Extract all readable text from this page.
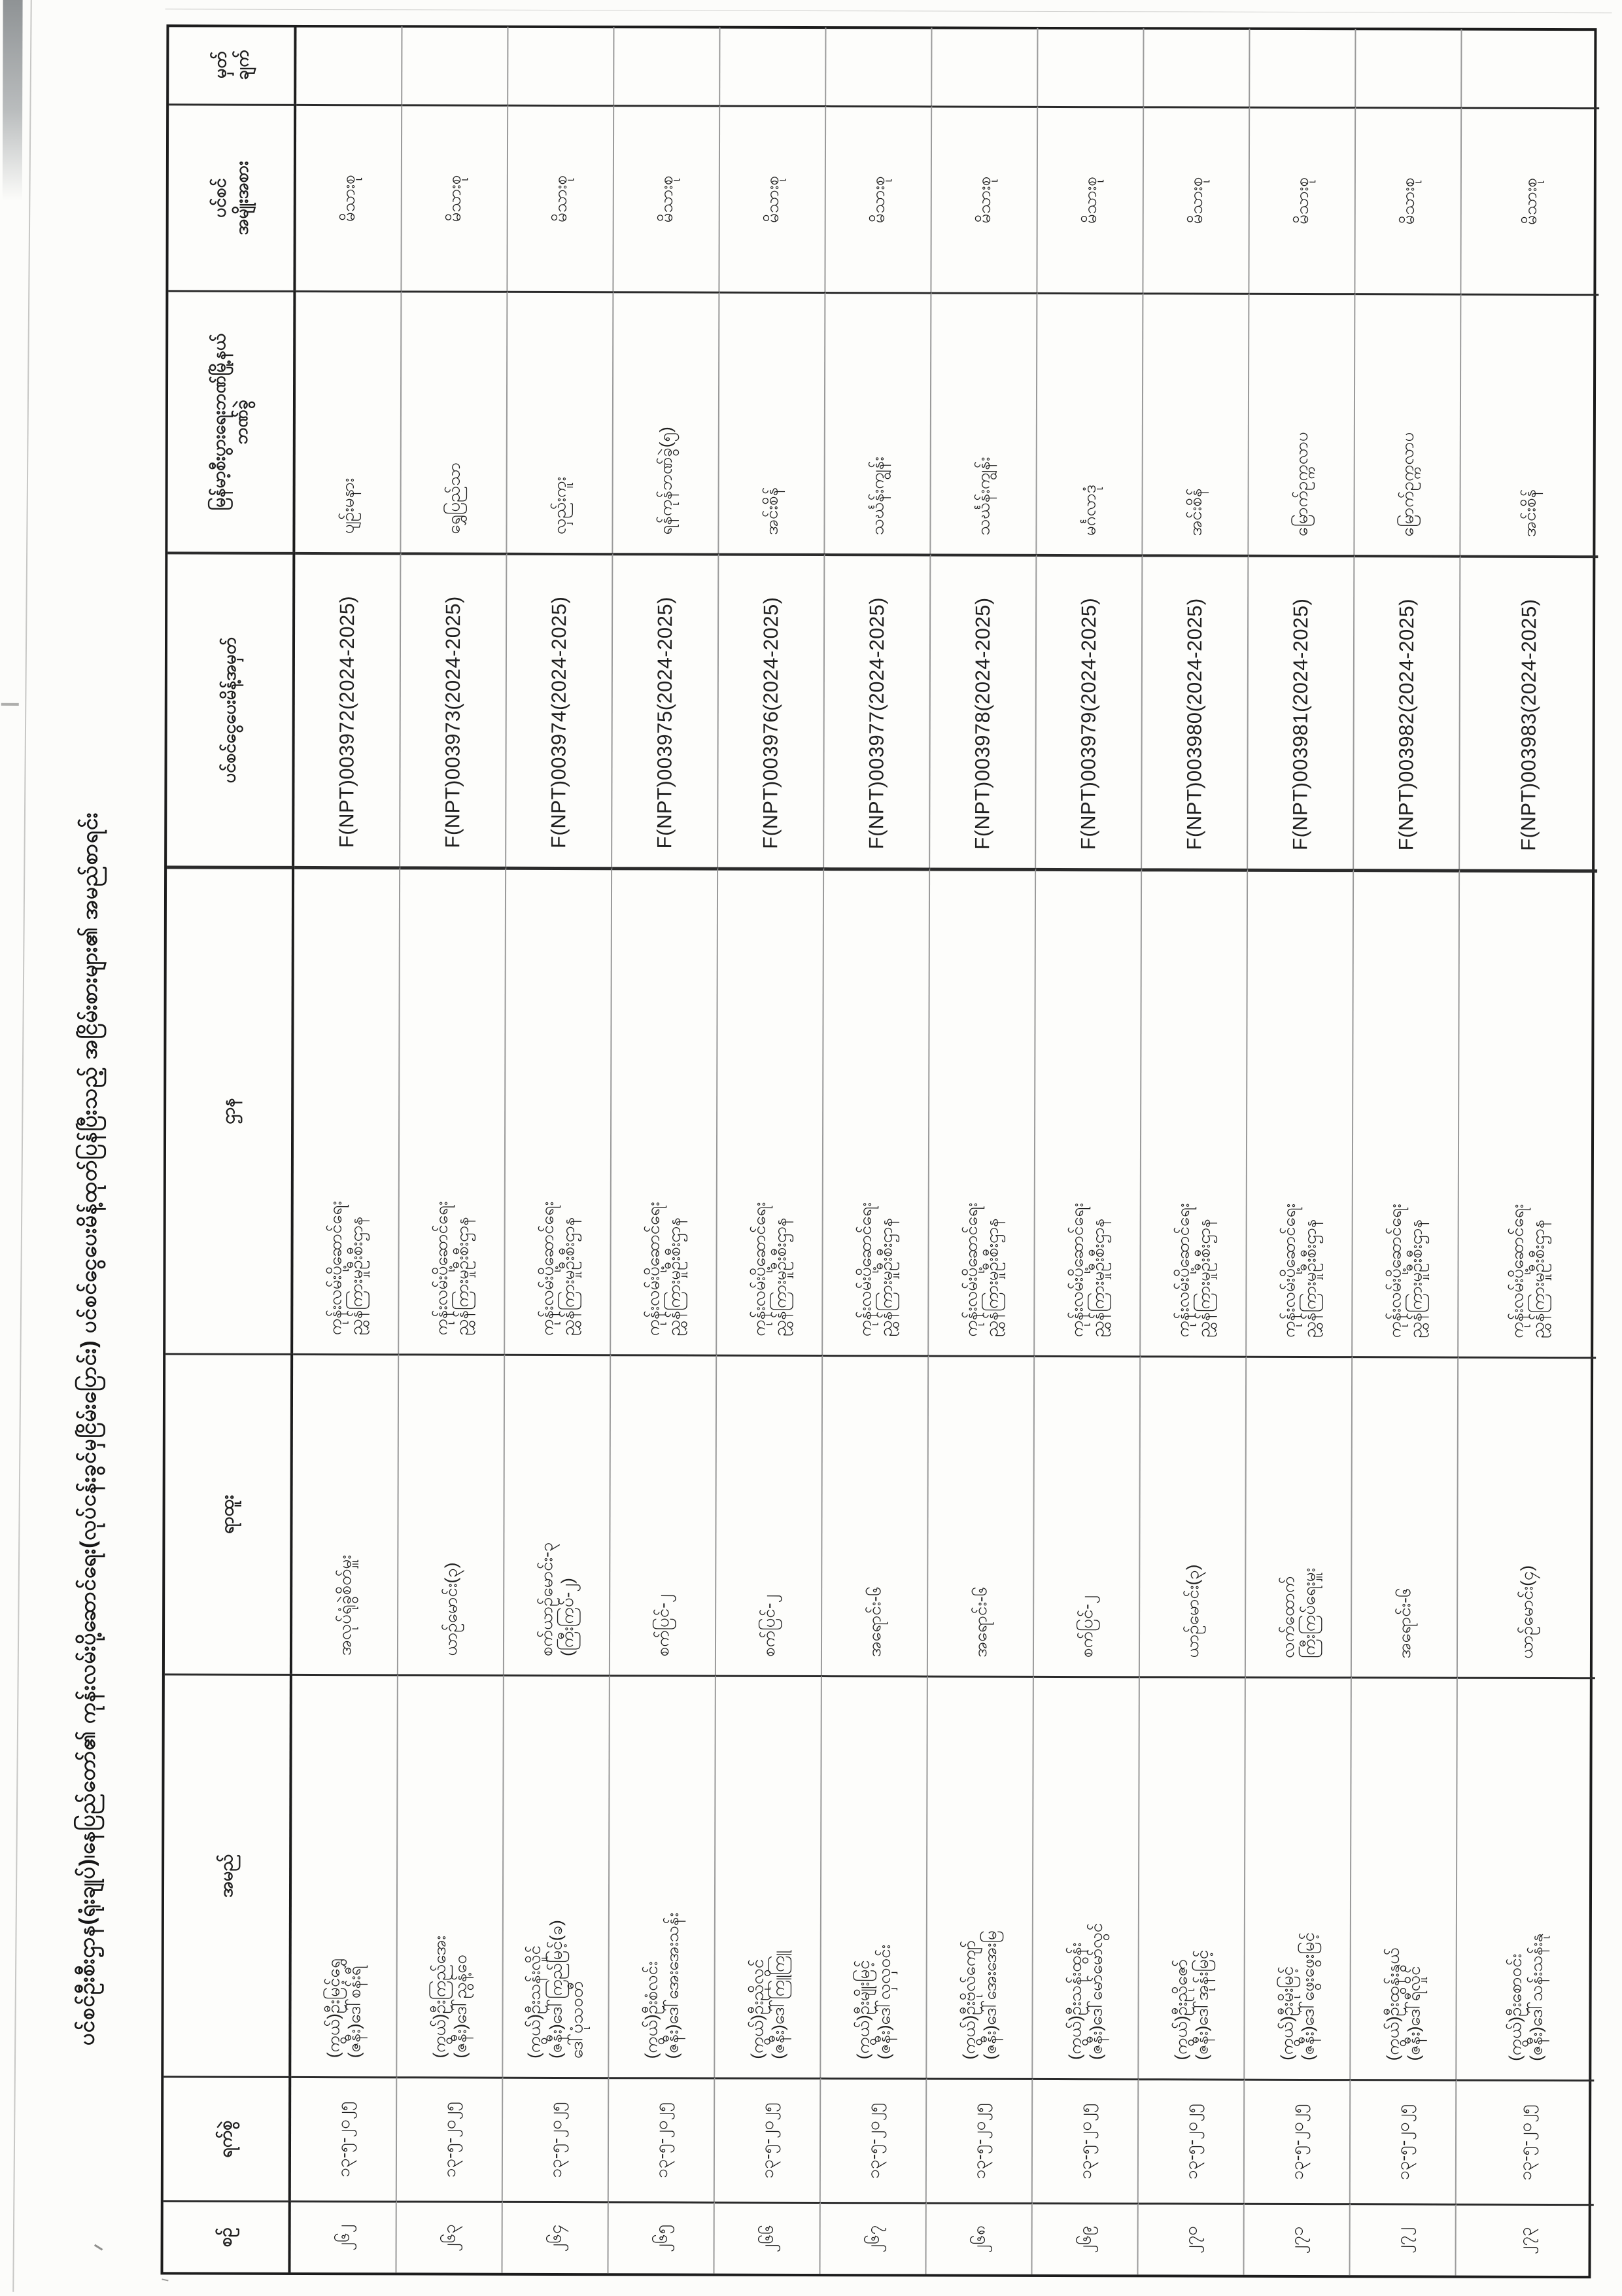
ပင်စင်ဦးစီးဌာန(ရုံးချုပ်)၊နေပြည်တော်၏ ကုန်းလမ်းပို့ဆောင်ရေး(လုပ်ငန်းခွင်မှငြိမ်းပြောင်း) ပင်စင်ငွေပေးမိန့်ထုတ်ပြန်ပြီးသည့် အငြိမ်းစားများ၏ အမည်စာရင်း
စဉ်
ရက်စွဲ
အမည်
ရာထူး
ဌာန
ပင်စင်ငွေပေးမိန့်အမှတ်
မြန်မာ့စီးပွားရေးဘဏ်မြို့နယ် ဘဏ်ခွဲ
ပင်စင် အမျိုးအစား
မှတ် ချက်
၂၆၂
၁၃-၅-၂၀၂၅
(ကွယ်)ဦးမြင့်ရွှေ (ဇနီး)ဒေါ်စန်းရီ
အလုပ်ရုံခွဲစိတ်မှူး
ကုန်းလမ်းပို့ဆောင်ရေး ညွှန်ကြားမှုဦးစီးဌာန
F(NPT)003972(2024-2025)
ပျဉ်းမနား
မိသားစု
၂၆၃
၁၃-၅-၂၀၂၅
(ကွယ်)ဦးကြည်အေး (ဇနီး)ဒေါ်ညွန့်ဝေ
ယာဉ်မောင်း(၃)
ကုန်းလမ်းပို့ဆောင်ရေး ညွှန်ကြားမှုဦးစီးဌာန
F(NPT)003973(2024-2025)
ရွှေပြည်သာ
မိသားစု
၂၆၄
၁၃-၅-၂၀၂၅
(ကွယ်)ဦးသန်းလှိုင် (ဇနီး)ဒေါ်ကြည်မြင့်(ခ) ဒေါ်ပုံသဝတီ
စက်ယာဉ်မောင်း-၃ (ကြီးကြပ်-၂)
ကုန်းလမ်းပို့ဆောင်ရေး ညွှန်ကြားမှုဦးစီးဌာန
F(NPT)003974(2024-2025)
လှည်းကူး
မိသားစု
၂၆၅
၁၃-၅-၂၀၂၅
(ကွယ်)ဦးစံလင်း (ဇနီး)ဒေါ်အေးအေးသန်း
စက်ပြင်-၂
ကုန်းလမ်းပို့ဆောင်ရေး ညွှန်ကြားမှုဦးစီးဌာန
F(NPT)003975(2024-2025)
ရန်ကုန်ဘဏ်ခွဲ(၅)
မိသားစု
၂၆၆
၁၃-၅-၂၀၂၅
(ကွယ်)ဦးညိုလွင် (ဇနီး)ဒေါ်ကြူကြူ
စက်ပြင်-၂
ကုန်းလမ်းပို့ဆောင်ရေး ညွှန်ကြားမှုဦးစီးဌာန
F(NPT)003976(2024-2025)
အင်းစိန်
မိသားစု
၂၆၇
၁၃-၅-၂၀၂၅
(ကွယ်)ဦးမျိုးမြင့် (ဇနီး)ဒေါ်လှလှဝင်း
အရောင်း-၆
ကုန်းလမ်းပို့ဆောင်ရေး ညွှန်ကြားမှုဦးစီးဌာန
F(NPT)003977(2024-2025)
သင်္ဃန်းကျွန်း
မိသားစု
၂၆၈
၁၃-၅-၂၀၂၅
(ကွယ်)ဦးဗိုလ်ကျော် (ဇနီး)ဒေါ်အေးအေးမြ
အရောင်း-၆
ကုန်းလမ်းပို့ဆောင်ရေး ညွှန်ကြားမှုဦးစီးဌာန
F(NPT)003978(2024-2025)
သင်္ဃန်းကျွန်း
မိသားစု
၂၆၉
၁၃-၅-၂၀၂၅
(ကွယ်)ဦးသန်းထွန်း (ဇနီး)ဒေါ်မော်မော်လွင်
စက်ပြင်-၂
ကုန်းလမ်းပို့ဆောင်ရေး ညွှန်ကြားမှုဦးစီးဌာန
F(NPT)003979(2024-2025)
မင်္ဂလာဒုံ
မိသားစု
၂၇၀
၁၃-၅-၂၀၂၅
(ကွယ်)ဦးညိုဇော် (ဇနီး)ဒေါ်အုန်းမြင့်
ယာဉ်မောင်း(၃)
ကုန်းလမ်းပို့ဆောင်ရေး ညွှန်ကြားမှုဦးစီးဌာန
F(NPT)003980(2024-2025)
အင်းစိန်
မိသားစု
၂၇၁
၁၃-၅-၂၀၂၅
(ကွယ်)ဦးမိုးမြင့် (ဇနီး)ဒေါ်ဖွေးဖွေးမြင့်
လက်ထောက် ကြီးကြပ်ရေးမှူး
ကုန်းလမ်းပို့ဆောင်ရေး ညွှန်ကြားမှုဦးစီးဌာန
F(NPT)003981(2024-2025)
မြောက်ဥက္ကလာပ
မိသားစု
၂၇၂
၁၃-၅-၂၀၂၅
(ကွယ်)ဦးထွန်းနွယ် (ဇနီး)ဒေါ်ရီလှိုင်
အရောင်း-၆
ကုန်းလမ်းပို့ဆောင်ရေး ညွှန်ကြားမှုဦးစီးဌာန
F(NPT)003982(2024-2025)
မြောက်ဥက္ကလာပ
မိသားစု
၂၇၃
၁၃-၅-၂၀၂၅
(ကွယ်)ဦးစောဝင်း (ဇနီး)ဒေါ်သန်းသန်းနု
ယာဉ်မောင်း(၄)
ကုန်းလမ်းပို့ဆောင်ရေး ညွှန်ကြားမှုဦးစီးဌာန
F(NPT)003983(2024-2025)
အင်းစိန်
မိသားစု
